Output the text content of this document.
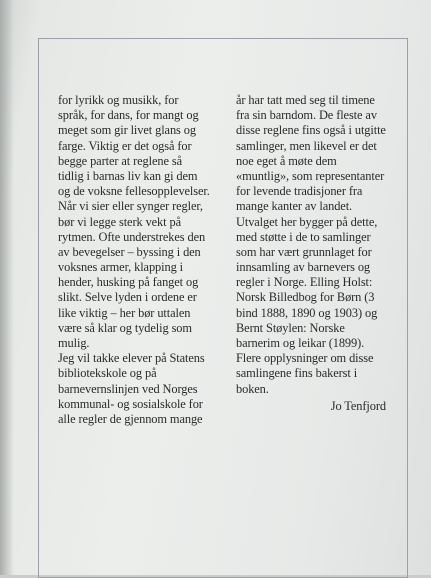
for lyrikk og musikk, for
språk, for dans, for mangt og
meget som gir livet glans og
farge. Viktig er det også for
begge parter at reglene så
tidlig i barnas liv kan gi dem
og de voksne fellesopplevelser.
Når vi sier eller synger regler,
bør vi legge sterk vekt på
rytmen. Ofte understrekes den
av bevegelser – byssing i den
voksnes armer, klapping i
hender, husking på fanget og
slikt. Selve lyden i ordene er
like viktig – her bør uttalen
være så klar og tydelig som
mulig.
Jeg vil takke elever på Statens
bibliotekskole og på
barnevernslinjen ved Norges
kommunal- og sosialskole for
alle regler de gjennom mange
år har tatt med seg til timene
fra sin barndom. De fleste av
disse reglene fins også i utgitte
samlinger, men likevel er det
noe eget å møte dem
«muntlig», som representanter
for levende tradisjoner fra
mange kanter av landet.
Utvalget her bygger på dette,
med støtte i de to samlinger
som har vært grunnlaget for
innsamling av barnevers og
regler i Norge. Elling Holst:
Norsk Billedbog for Børn (3
bind 1888, 1890 og 1903) og
Bernt Støylen: Norske
barnerim og leikar (1899).
Flere opplysninger om disse
samlingene fins bakerst i
boken.
Jo Tenfjord
